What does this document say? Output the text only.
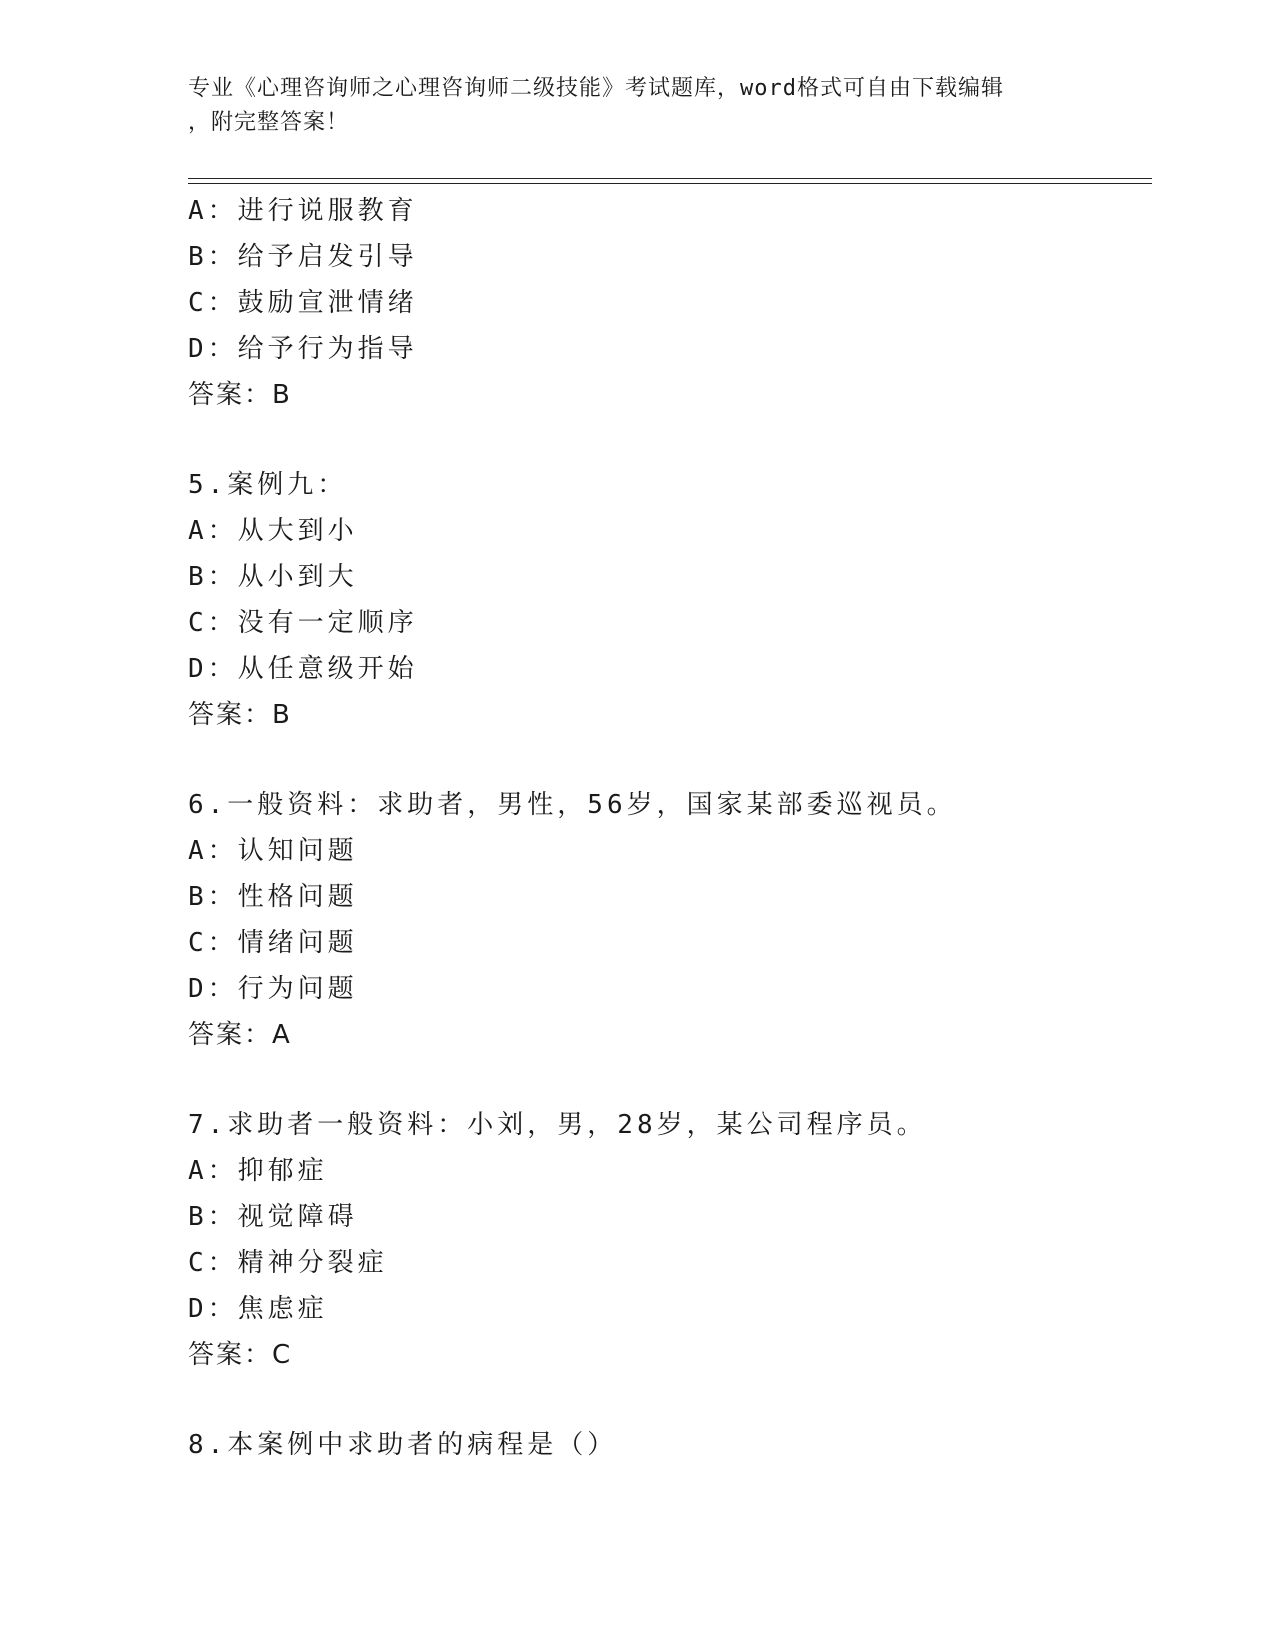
专业《心理咨询师之心理咨询师二级技能》考试题库，word格式可自由下载编辑
，附完整答案！
A：进行说服教育
B：给予启发引导
C：鼓励宣泄情绪
D：给予行为指导
答案：B
5.案例九：
A：从大到小
B：从小到大
C：没有一定顺序
D：从任意级开始
答案：B
6.一般资料：求助者，男性，56岁，国家某部委巡视员。
A：认知问题
B：性格问题
C：情绪问题
D：行为问题
答案：A
7.求助者一般资料：小刘，男，28岁，某公司程序员。
A：抑郁症
B：视觉障碍
C：精神分裂症
D：焦虑症
答案：C
8.本案例中求助者的病程是（）
